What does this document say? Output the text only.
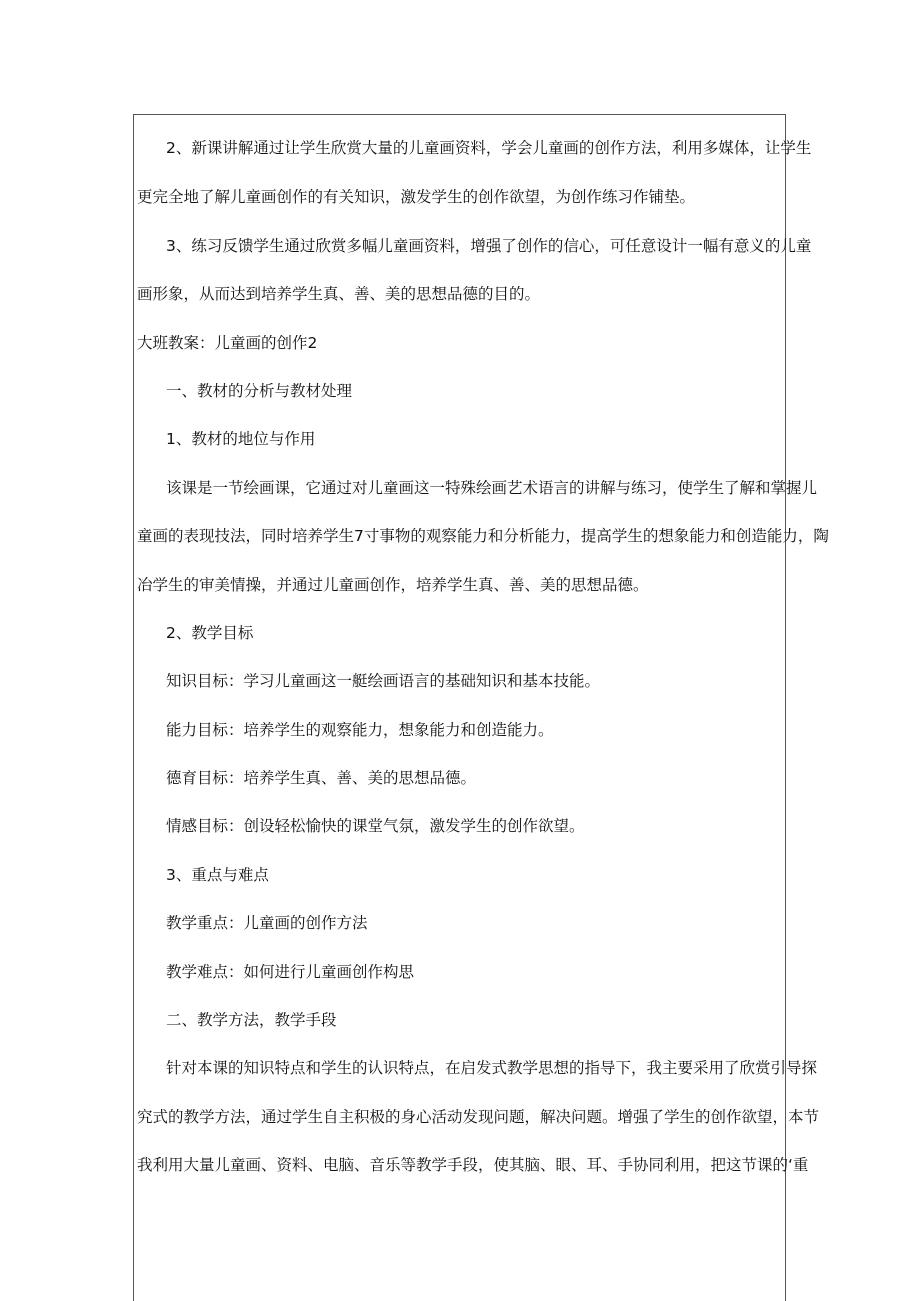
2、新课讲解通过让学生欣赏大量的儿童画资料，学会儿童画的创作方法，利用多媒体，让学生
更完全地了解儿童画创作的有关知识，激发学生的创作欲望，为创作练习作铺垫。
3、练习反馈学生通过欣赏多幅儿童画资料，增强了创作的信心，可任意设计一幅有意义的儿童
画形象，从而达到培养学生真、善、美的思想品德的目的。
大班教案：儿童画的创作2
一、教材的分析与教材处理
1、教材的地位与作用
该课是一节绘画课，它通过对儿童画这一特殊绘画艺术语言的讲解与练习，使学生了解和掌握儿
童画的表现技法，同时培养学生7寸事物的观察能力和分析能力，提高学生的想象能力和创造能力，陶
冶学生的审美情操，并通过儿童画创作，培养学生真、善、美的思想品德。
2、教学目标
知识目标：学习儿童画这一艇绘画语言的基础知识和基本技能。
能力目标：培养学生的观察能力，想象能力和创造能力。
德育目标：培养学生真、善、美的思想品德。
情感目标：创设轻松愉快的课堂气氛，激发学生的创作欲望。
3、重点与难点
教学重点：儿童画的创作方法
教学难点：如何进行儿童画创作构思
二、教学方法，教学手段
针对本课的知识特点和学生的认识特点，在启发式教学思想的指导下，我主要采用了欣赏引导探
究式的教学方法，通过学生自主积极的身心活动发现问题，解决问题。增强了学生的创作欲望，本节
我利用大量儿童画、资料、电脑、音乐等教学手段，使其脑、眼、耳、手协同利用，把这节课的‘重
